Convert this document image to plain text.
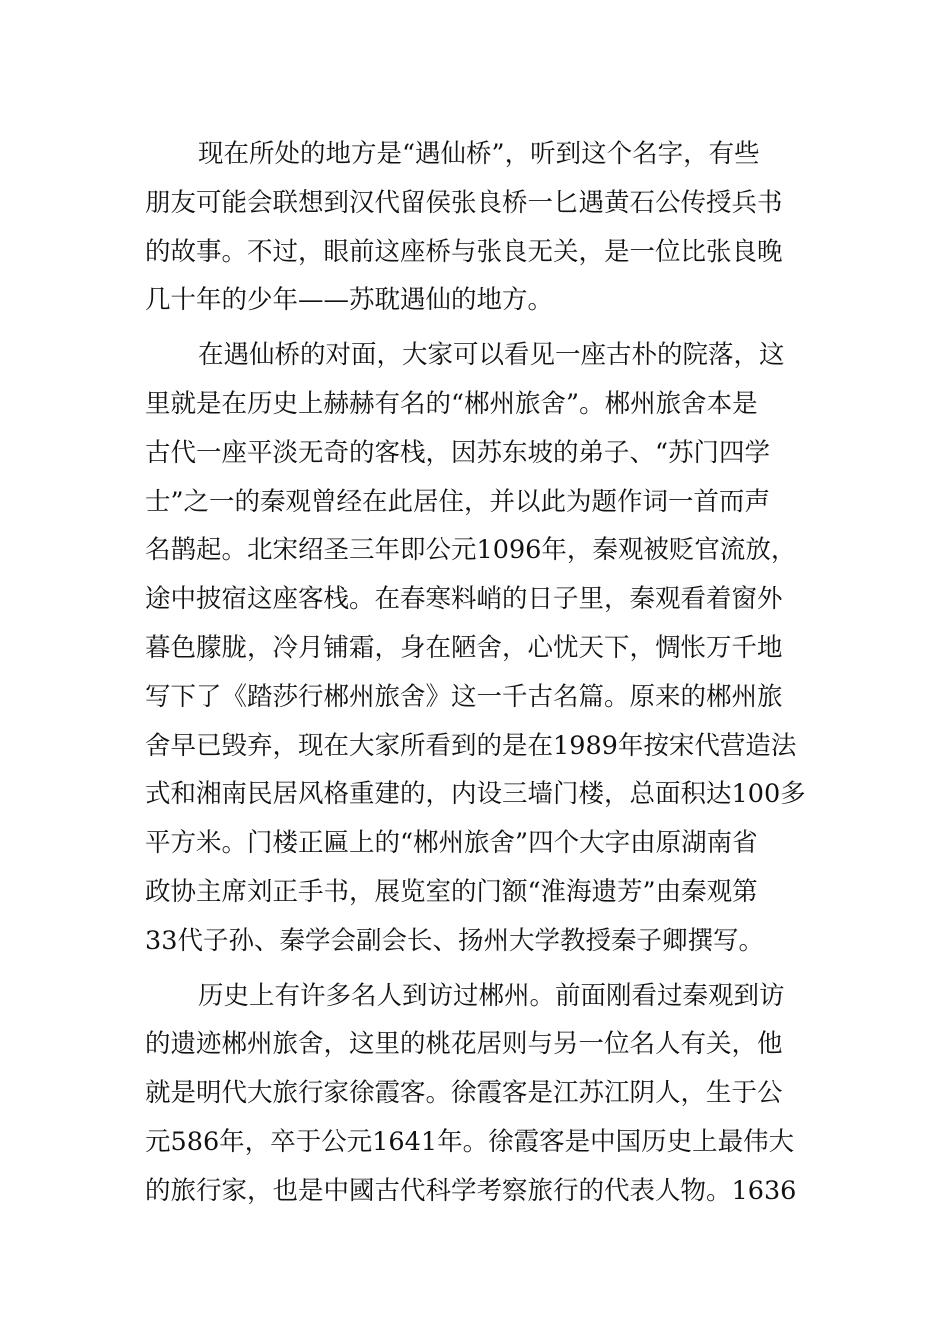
现在所处的地方是“遇仙桥”，听到这个名字，有些
朋友可能会联想到汉代留侯张良桥一匕遇黄石公传授兵书
的故事。不过，眼前这座桥与张良无关，是一位比张良晚
几十年的少年——苏耽遇仙的地方。
在遇仙桥的对面，大家可以看见一座古朴的院落，这
里就是在历史上赫赫有名的“郴州旅舍”。郴州旅舍本是
古代一座平淡无奇的客栈，因苏东坡的弟子、“苏门四学
士”之一的秦观曾经在此居住，并以此为题作词一首而声
名鹊起。北宋绍圣三年即公元1096年，秦观被贬官流放，
途中披宿这座客栈。在春寒料峭的日子里，秦观看着窗外
暮色朦胧，冷月铺霜，身在陋舍，心忧天下，惆怅万千地
写下了《踏莎行郴州旅舍》这一千古名篇。原来的郴州旅
舍早已毁弃，现在大家所看到的是在1989年按宋代营造法
式和湘南民居风格重建的，内设三墙门楼，总面积达100多
平方米。门楼正匾上的“郴州旅舍”四个大字由原湖南省
政协主席刘正手书，展览室的门额“淮海遗芳”由秦观第
33代子孙、秦学会副会长、扬州大学教授秦子卿撰写。
历史上有许多名人到访过郴州。前面刚看过秦观到访
的遗迹郴州旅舍，这里的桃花居则与另一位名人有关，他
就是明代大旅行家徐霞客。徐霞客是江苏江阴人，生于公
元586年，卒于公元1641年。徐霞客是中国历史上最伟大
的旅行家，也是中國古代科学考察旅行的代表人物。1636
